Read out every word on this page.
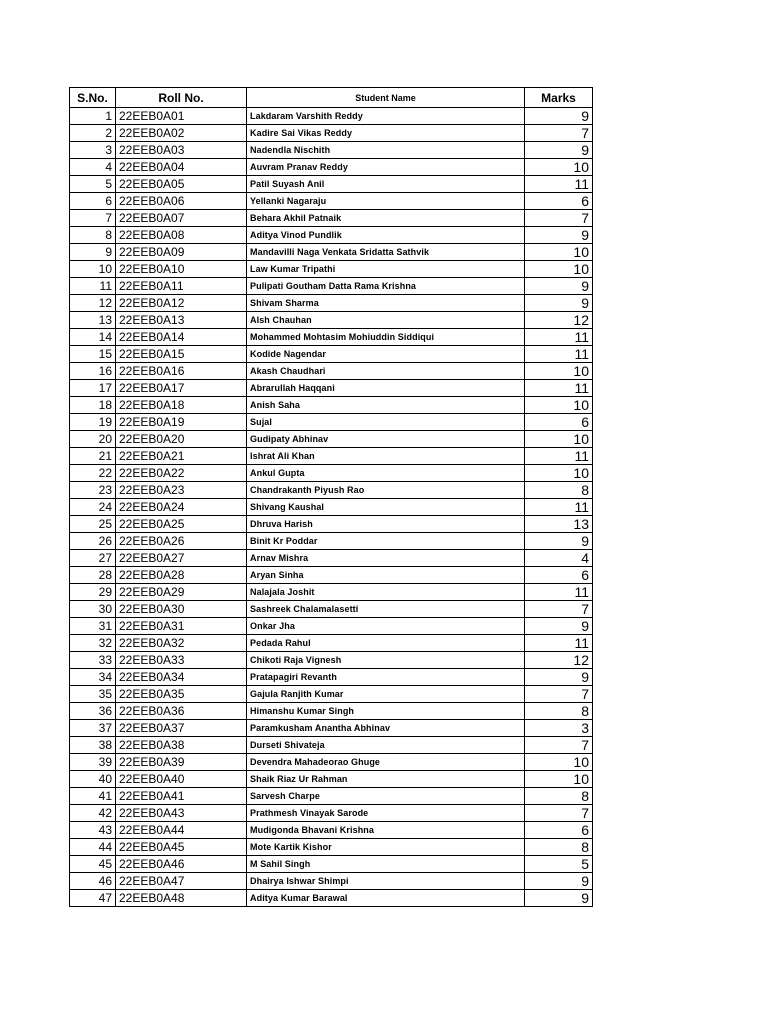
S.No.	Roll No.	Student Name	Marks
1	22EEB0A01	Lakdaram Varshith Reddy	9
2	22EEB0A02	Kadire Sai Vikas Reddy	7
3	22EEB0A03	Nadendla Nischith	9
4	22EEB0A04	Auvram Pranav Reddy	10
5	22EEB0A05	Patil Suyash Anil	11
6	22EEB0A06	Yellanki Nagaraju	6
7	22EEB0A07	Behara Akhil Patnaik	7
8	22EEB0A08	Aditya Vinod Pundlik	9
9	22EEB0A09	Mandavilli Naga Venkata Sridatta Sathvik	10
10	22EEB0A10	Law Kumar Tripathi	10
11	22EEB0A11	Pulipati Goutham Datta Rama Krishna	9
12	22EEB0A12	Shivam Sharma	9
13	22EEB0A13	Alsh Chauhan	12
14	22EEB0A14	Mohammed Mohtasim Mohiuddin Siddiqui	11
15	22EEB0A15	Kodide Nagendar	11
16	22EEB0A16	Akash Chaudhari	10
17	22EEB0A17	Abrarullah Haqqani	11
18	22EEB0A18	Anish Saha	10
19	22EEB0A19	Sujal	6
20	22EEB0A20	Gudipaty Abhinav	10
21	22EEB0A21	Ishrat Ali Khan	11
22	22EEB0A22	Ankul Gupta	10
23	22EEB0A23	Chandrakanth Piyush Rao	8
24	22EEB0A24	Shivang Kaushal	11
25	22EEB0A25	Dhruva Harish	13
26	22EEB0A26	Binit Kr Poddar	9
27	22EEB0A27	Arnav Mishra	4
28	22EEB0A28	Aryan Sinha	6
29	22EEB0A29	Nalajala Joshit	11
30	22EEB0A30	Sashreek Chalamalasetti	7
31	22EEB0A31	Onkar Jha	9
32	22EEB0A32	Pedada Rahul	11
33	22EEB0A33	Chikoti Raja Vignesh	12
34	22EEB0A34	Pratapagiri Revanth	9
35	22EEB0A35	Gajula Ranjith Kumar	7
36	22EEB0A36	Himanshu Kumar Singh	8
37	22EEB0A37	Paramkusham Anantha Abhinav	3
38	22EEB0A38	Durseti Shivateja	7
39	22EEB0A39	Devendra Mahadeorao Ghuge	10
40	22EEB0A40	Shaik Riaz Ur Rahman	10
41	22EEB0A41	Sarvesh Charpe	8
42	22EEB0A43	Prathmesh Vinayak Sarode	7
43	22EEB0A44	Mudigonda Bhavani Krishna	6
44	22EEB0A45	Mote Kartik Kishor	8
45	22EEB0A46	M Sahil Singh	5
46	22EEB0A47	Dhairya Ishwar Shimpi	9
47	22EEB0A48	Aditya Kumar Barawal	9
